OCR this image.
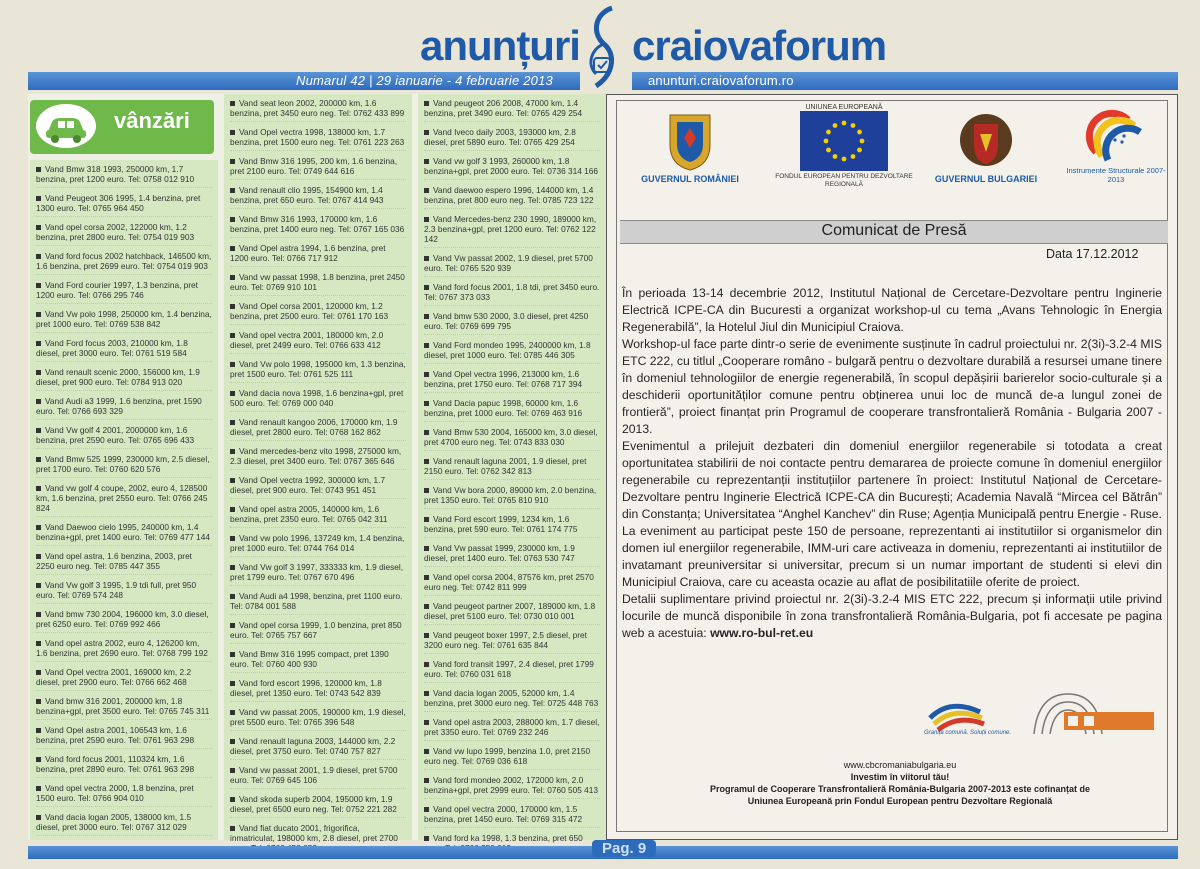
anunțuri craiovaforum
Numarul 42 | 29 ianuarie - 4 februarie 2013	anunturi.craiovaforum.ro
vânzări
Vand Bmw 318 1993, 250000 km, 1.7 benzina, pret 1200 euro. Tel: 0758 012 910
Vand Peugeot 306 1995, 1.4 benzina, pret 1300 euro. Tel: 0765 964 450
Vand opel corsa 2002, 122000 km, 1.2 benzina, pret 2800 euro. Tel: 0754 019 903
Vand ford focus 2002 hatchback, 146500 km, 1.6 benzina, pret 2699 euro. Tel: 0754 019 903
Vand Ford courier 1997, 1.3 benzina, pret 1200 euro. Tel: 0766 295 746
Vand Vw polo 1998, 250000 km, 1.4 benzina, pret 1000 euro. Tel: 0769 538 842
Vand Ford focus 2003, 210000 km, 1.8 diesel, pret 3000 euro. Tel: 0761 519 584
Vand renault scenic 2000, 156000 km, 1.9 diesel, pret 900 euro. Tel: 0784 913 020
Vand Audi a3 1999, 1.6 benzina, pret 1590 euro. Tel: 0766 693 329
Vand Vw golf 4 2001, 2000000 km, 1.6 benzina, pret 2590 euro. Tel: 0765 696 433
Vand Bmw 525 1999, 230000 km, 2.5 diesel, pret 1700 euro. Tel: 0760 620 576
Vand vw golf 4 coupe, 2002, euro 4, 128500 km, 1.6 benzina, pret 2550 euro. Tel: 0766 245 824
Vand Daewoo cielo 1995, 240000 km, 1.4 benzina+gpl, pret 1400 euro. Tel: 0769 477 144
Vand opel astra, 1.6 benzina, 2003, pret 2250 euro neg. Tel: 0785 447 355
Vand Vw golf 3 1995, 1.9 tdi full, pret 950 euro. Tel: 0769 574 248
Vand bmw 730 2004, 196000 km, 3.0 diesel, pret 6250 euro. Tel: 0769 992 466
Vand opel astra 2002, euro 4, 126200 km, 1.6 benzina, pret 2690 euro. Tel: 0768 799 192
Vand Opel vectra 2001, 169000 km, 2.2 diesel, pret 2900 euro. Tel: 0766 662 468
Vand bmw 316 2001, 200000 km, 1.8 benzina+gpl, pret 3500 euro. Tel: 0765 745 311
Vand Opel astra 2001, 106543 km, 1.6 benzina, pret 2590 euro. Tel: 0761 963 298
Vand ford focus 2001, 110324 km, 1.6 benzina, pret 2890 euro. Tel: 0761 963 298
Vand opel vectra 2000, 1.8 benzina, pret 1500 euro. Tel: 0766 904 010
Vand dacia logan 2005, 138000 km, 1.5 diesel, pret 3000 euro. Tel: 0767 312 029
Vand seat leon 2002, 200000 km, 1.6 benzina, pret 3450 euro neg. Tel: 0762 433 899
Vand Opel vectra 1998, 138000 km, 1.7 benzina, pret 1500 euro neg. Tel: 0761 223 263
Vand Bmw 316 1995, 200 km, 1.6 benzina, pret 2100 euro. Tel: 0749 644 616
Vand renault clio 1995, 154900 km, 1.4 benzina, pret 650 euro. Tel: 0767 414 943
Vand Bmw 316 1993, 170000 km, 1.6 benzina, pret 1400 euro neg. Tel: 0767 165 036
Vand Opel astra 1994, 1.6 benzina, pret 1200 euro. Tel: 0766 717 912
Vand vw passat 1998, 1.8 benzina, pret 2450 euro. Tel: 0769 910 101
Vand Opel corsa 2001, 120000 km, 1.2 benzina, pret 2500 euro. Tel: 0761 170 163
Vand opel vectra 2001, 180000 km, 2.0 diesel, pret 2499 euro. Tel: 0766 633 412
Vand Vw polo 1998, 195000 km, 1.3 benzina, pret 1500 euro. Tel: 0761 525 111
Vand dacia nova 1998, 1.6 benzina+gpl, pret 500 euro. Tel: 0769 000 040
Vand renault kangoo 2006, 170000 km, 1.9 diesel, pret 2800 euro. Tel: 0768 162 862
Vand mercedes-benz vito 1998, 275000 km, 2.3 diesel, pret 3400 euro. Tel: 0767 365 646
Vand Opel vectra 1992, 300000 km, 1.7 diesel, pret 900 euro. Tel: 0743 951 451
Vand opel astra 2005, 140000 km, 1.6 benzina, pret 2350 euro. Tel: 0765 042 311
Vand vw polo 1996, 137249 km, 1.4 benzina, pret 1000 euro. Tel: 0744 764 014
Vand Vw golf 3 1997, 333333 km, 1.9 diesel, pret 1799 euro. Tel: 0767 670 496
Vand Audi a4 1998, benzina, pret 1100 euro. Tel: 0784 001 588
Vand opel corsa 1999, 1.0 benzina, pret 850 euro. Tel: 0765 757 667
Vand Bmw 316 1995 compact, pret 1390 euro. Tel: 0760 400 930
Vand ford escort 1996, 120000 km, 1.8 diesel, pret 1350 euro. Tel: 0743 542 839
Vand vw passat 2005, 190000 km, 1.9 diesel, pret 5500 euro. Tel: 0765 396 548
Vand renault laguna 2003, 144000 km, 2.2 diesel, pret 3750 euro. Tel: 0740 757 827
Vand vw passat 2001, 1.9 diesel, pret 5700 euro. Tel: 0769 645 106
Vand skoda superb 2004, 195000 km, 1.9 diesel, pret 6500 euro neg. Tel: 0752 221 282
Vand fiat ducato 2001, frigorifica, inmatriculat, 198000 km, 2.8 diesel, pret 2700
Vand peugeot 206 2008, 47000 km, 1.4 benzina, pret 3490 euro. Tel: 0765 429 254
Vand Iveco daily 2003, 193000 km, 2.8 diesel, pret 5890 euro. Tel: 0765 429 254
Vand vw golf 3 1993, 260000 km, 1.8 benzina+gpl, pret 2000 euro. Tel: 0736 314 166
Vand daewoo espero 1996, 144000 km, 1.4 benzina, pret 800 euro neg. Tel: 0785 723 122
Vand Mercedes-benz 230 1990, 189000 km, 2.3 benzina+gpl, pret 1200 euro. Tel: 0762 122 142
Vand Vw passat 2002, 1.9 diesel, pret 5700 euro. Tel: 0765 520 939
Vand ford focus 2001, 1.8 tdi, pret 3450 euro. Tel: 0767 373 033
Vand bmw 530 2000, 3.0 diesel, pret 4250 euro. Tel: 0769 699 795
Vand Ford mondeo 1995, 2400000 km, 1.8 diesel, pret 1000 euro. Tel: 0785 446 305
Vand Opel vectra 1996, 213000 km, 1.6 benzina, pret 1750 euro. Tel: 0768 717 394
Vand Dacia papuc 1998, 60000 km, 1.6 benzina, pret 1000 euro. Tel: 0769 463 916
Vand Bmw 530 2004, 165000 km, 3.0 diesel, pret 4700 euro neg. Tel: 0743 833 030
Vand renault laguna 2001, 1.9 diesel, pret 2150 euro. Tel: 0762 342 813
Vand Vw bora 2000, 89000 km, 2.0 benzina, pret 1350 euro. Tel: 0765 810 910
Vand Ford escort 1999, 1234 km, 1.6 benzina, pret 590 euro. Tel: 0761 174 775
Vand Vw passat 1999, 230000 km, 1.9 diesel, pret 1400 euro. Tel: 0763 530 747
Vand opel corsa 2004, 87576 km, pret 2570 euro neg. Tel: 0742 811 999
Vand peugeot partner 2007, 189000 km, 1.8 diesel, pret 5100 euro. Tel: 0730 010 001
Vand peugeot boxer 1997, 2.5 diesel, pret 3200 euro neg. Tel: 0761 635 844
Vand ford transit 1997, 2.4 diesel, pret 1799 euro. Tel: 0760 031 618
Vand dacia logan 2005, 52000 km, 1.4 benzina, pret 3000 euro neg. Tel: 0725 448 763
Vand opel astra 2003, 288000 km, 1.7 diesel, pret 3350 euro. Tel: 0769 232 246
Vand vw lupo 1999, benzina 1.0, pret 2150 euro neg. Tel: 0769 036 618
Vand ford mondeo 2002, 172000 km, 2.0 benzina+gpl, pret 2999 euro. Tel: 0760 505 413
Vand opel vectra 2000, 170000 km, 1.5 benzina, pret 1450 euro. Tel: 0769 315 472
Vand ford ka 1998, 1.3 benzina, pret 650
GUVERNUL ROMÂNIEI
UNIUNEA EUROPEANĂ
FONDUL EUROPEAN PENTRU DEZVOLTARE REGIONALĂ
GUVERNUL BULGARIEI
Instrumente Structurale 2007-2013
Comunicat de Presă
Data 17.12.2012

În perioada 13-14 decembrie 2012, Institutul Național de Cercetare-Dezvoltare pentru Inginerie Electrică ICPE-CA din Bucuresti a organizat workshop-ul cu tema „Avans Tehnologic în Energia Regenerabilă”, la Hotelul Jiul din Municipiul Craiova.

Workshop-ul face parte dintr-o serie de evenimente susținute în cadrul proiectului nr. 2(3i)-3.2-4 MIS ETC 222, cu titlul „Cooperare româno - bulgară pentru o dezvoltare durabilă a resursei umane tinere în domeniul tehnologiilor de energie regenerabilă, în scopul depășirii barierelor socio-culturale și a deschiderii oportunităților comune pentru obținerea unui loc de muncă de-a lungul zonei de frontieră”, proiect finanțat prin Programul de cooperare transfrontalieră România - Bulgaria 2007 - 2013.

Evenimentul a prilejuit dezbateri din domeniul energiilor regenerabile si totodata a creat oportunitatea stabilirii de noi contacte pentru demararea de proiecte comune în domeniul energiilor regenerabile cu reprezentanții instituțiilor partenere în proiect: Institutul Național de Cercetare-Dezvoltare pentru Inginerie Electrică ICPE-CA din București; Academia Navală “Mircea cel Bătrân” din Constanța; Universitatea “Anghel Kanchev” din Ruse; Agenția Municipală pentru Energie - Ruse.

La eveniment au participat peste 150 de persoane, reprezentanti ai institutiilor si organismelor din domen iul energiilor regenerabile, IMM-uri care activeaza in domeniu, reprezentanti ai institutiilor de invatamant preuniversitar si universitar, precum si un numar important de studenti si elevi din Municipiul Craiova, care cu aceasta ocazie au aflat de posibilitatiile oferite de proiect.

Detalii suplimentare privind proiectul nr. 2(3i)-3.2-4 MIS ETC 222, precum și informații utile privind locurile de muncă disponibile în zona transfrontalieră România-Bulgaria, pot fi accesate pe pagina web a acestuia: www.ro-bul-ret.eu

Granița comună. Soluții comune.
www.cbcromaniabulgaria.eu
Investim în viitorul tău!
Programul de Cooperare Transfrontalieră România-Bulgaria 2007-2013 este cofinanțat de
Uniunea Europeană prin Fondul European pentru Dezvoltare Regională
Pag. 9
